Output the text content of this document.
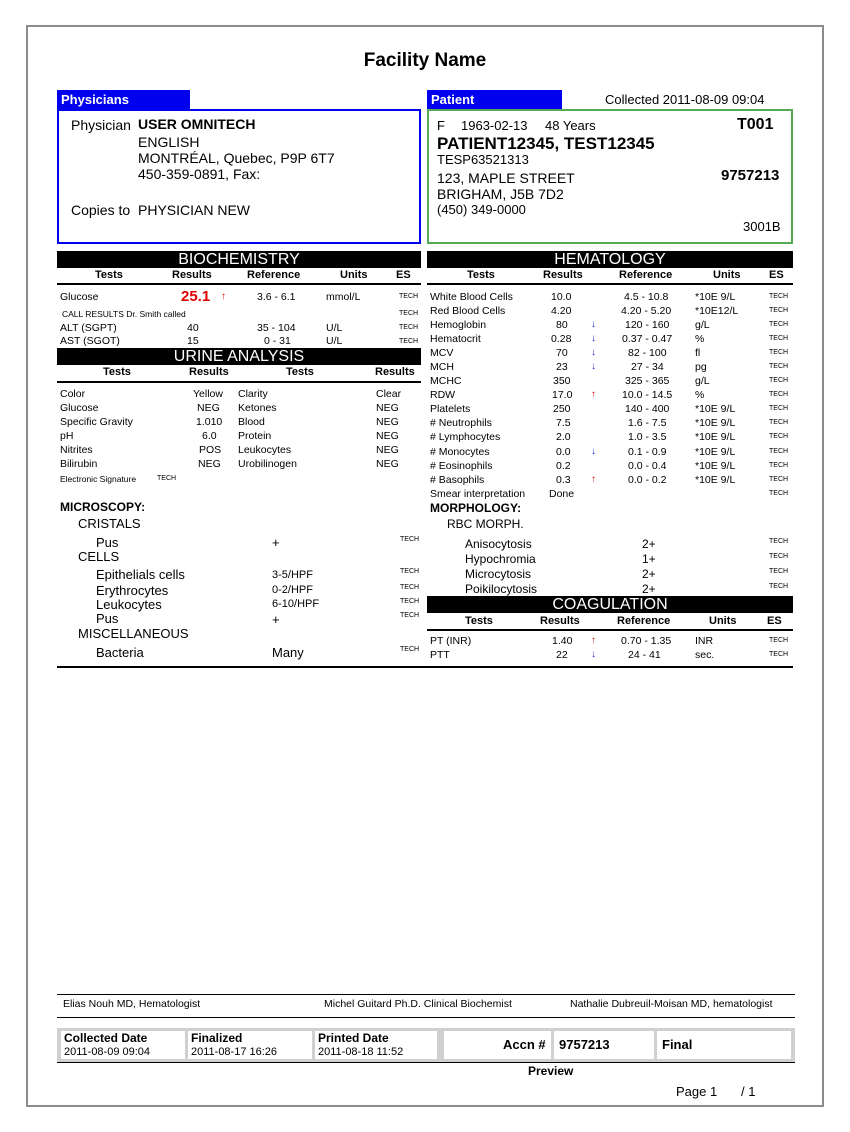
Facility Name
Physicians
Physician USER OMNITECH
ENGLISH
MONTRÉAL, Quebec, P9P 6T7
450-359-0891, Fax:
Copies to PHYSICIAN NEW
Patient	Collected 2011-08-09 09:04
F 1963-02-13 48 Years	T001
PATIENT12345, TEST12345
TESP63521313
123, MAPLE STREET	9757213
BRIGHAM, J5B 7D2
(450) 349-0000
3001B
BIOCHEMISTRY
Tests	Results	Reference	Units	ES
Glucose	25.1 ↑	3.6 - 6.1	mmol/L	TECH
CALL RESULTS Dr. Smith called	TECH
ALT (SGPT)	40	35 - 104	U/L	TECH
AST (SGOT)	15	0 - 31	U/L	TECH
URINE ANALYSIS
Tests	Results	Tests	Results
Color	Yellow Clarity	Clear
Glucose	NEG Ketones	NEG
Specific Gravity	1.010 Blood	NEG
pH	6.0 Protein	NEG
Nitrites	POS Leukocytes	NEG
Bilirubin	NEG Urobilinogen	NEG
Electronic Signature	TECH
MICROSCOPY:
CRISTALS
Pus	+	TECH
CELLS
Epithelials cells	3-5/HPF	TECH
Erythrocytes	0-2/HPF	TECH
Leukocytes	6-10/HPF	TECH
Pus	+	TECH
MISCELLANEOUS
Bacteria	Many	TECH
HEMATOLOGY
Tests	Results	Reference	Units	ES
White Blood Cells	10.0	4.5 - 10.8	*10E 9/L	TECH
Red Blood Cells	4.20	4.20 - 5.20 *10E12/L	TECH
Hemoglobin	80 ↓	120 - 160 g/L	TECH
Hematocrit	0.28 ↓ 0.37 - 0.47 %	TECH
MCV	70 ↓	82 - 100	fl	TECH
MCH	23 ↓	27 - 34	pg	TECH
MCHC	350	325 - 365 g/L	TECH
RDW	17.0 ↑ 10.0 - 14.5 %	TECH
Platelets	250	140 - 400 *10E 9/L	TECH
# Neutrophils	7.5	1.6 - 7.5	*10E 9/L	TECH
# Lymphocytes	2.0	1.0 - 3.5	*10E 9/L	TECH
# Monocytes	0.0 ↓	0.1 - 0.9	*10E 9/L	TECH
# Eosinophils	0.2	0.0 - 0.4	*10E 9/L	TECH
# Basophils	0.3 ↑	0.0 - 0.2	*10E 9/L	TECH
Smear interpretation Done	TECH
MORPHOLOGY:
RBC MORPH.
Anisocytosis	2+	TECH
Hypochromia	1+	TECH
Microcytosis	2+	TECH
Poikilocytosis	2+	TECH
COAGULATION
Tests	Results	Reference	Units	ES
PT (INR)	1.40 ↑ 0.70 - 1.35 INR	TECH
PTT	22 ↓	24 - 41	sec.	TECH
Elias Nouh MD, Hematologist	Michel Guitard Ph.D. Clinical Biochemist	Nathalie Dubreuil-Moisan MD, hematologist
Collected Date
2011-08-09 09:04
Finalized
2011-08-17 16:26
Printed Date
2011-08-18 11:52	Accn # 9757213	Final
Preview
Page 1 / 1
